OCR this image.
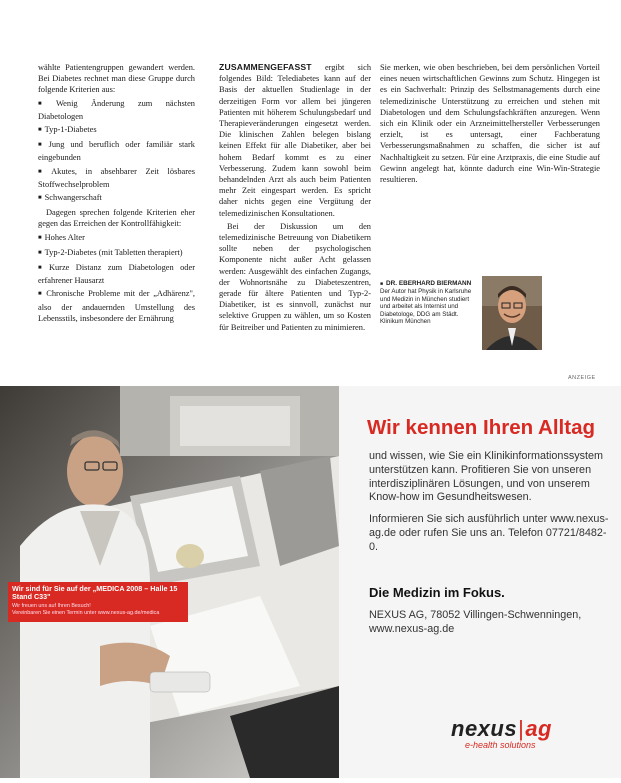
wählte Patientengruppen gewandert werden. Bei Diabetes rechnet man diese Gruppe durch folgende Kriterien aus:

■ Wenig Änderung zum nächsten Diabetologen

■ Typ-1-Diabetes

■ Jung und beruflich oder familiär stark eingebunden

■ Akutes, in absehbarer Zeit lösbares Stoffwechselproblem

■ Schwangerschaft

Dagegen sprechen folgende Kriterien eher gegen das Erreichen der Kontrollfähigkeit:

■ Hohes Alter

■ Typ-2-Diabetes (mit Tabletten therapiert)

■ Kurze Distanz zum Diabetologen oder erfahrener Hausarzt

■ Chronische Probleme mit der „Adhärenz", also der andauernden Umstellung des Lebensstils, insbesondere der Ernährung

ZUSAMMENGEFASST ergibt sich folgendes Bild: Telediabetes kann auf der Basis der aktuellen Studienlage in der derzeitigen Form vor allem bei jüngeren Patienten mit höherem Schulungsbedarf und Therapieveränderungen eingesetzt werden. Die klinischen Zahlen belegen bislang keinen Effekt für alle Diabetiker, aber bei hohem Bedarf kommt es zu einer Verbesserung. Zudem kann sowohl beim behandelnden Arzt als auch beim Patienten mehr Zeit eingespart werden. Es spricht daher nichts gegen eine Vergütung der telemedizinischen Konsultationen.

Bei der Diskussion um den telemedizinische Betreuung von Diabetikern sollte neben der psychologischen Komponente nicht außer Acht gelassen werden: Ausgewählt des einfachen Zugangs, der Wohnortsnähe zu Diabeteszentren, gerade für ältere Patienten und Typ-2-Diabetiker, ist es sinnvoll, zunächst nur selektive Gruppen zu wählen, um so Kosten für Beitreiber und Patienten zu minimieren.

Sie merken, wie oben beschrieben, bei dem persönlichen Vorteil eines neuen wirtschaftlichen Gewinns zum Schutz. Hingegen ist es ein Sachverhalt: Prinzip des Selbstmanagements durch eine telemedizinische Unterstützung zu erreichen und stehen mit Diabetologen und dem Schulungsfachkräften anzuregen. Wenn sich ein Klinik oder ein Arzneimittelhersteller Verbesserungen erzielt, ist es untersagt, einer Fachberatung Verbesserungsmaßnahmen zu schaffen, die sicher ist auf Nachhaltigkeit zu setzen. Für eine Arztpraxis, die eine Studie auf Gewinn angelegt hat, könnte dadurch eine Win-Win-Strategie resultieren.

■ DR. EBERHARD BIERMANN
Der Autor hat Physik in Karlsruhe und Medizin in München studiert und arbeitet als Internist und Diabetologe, DDG am Städt. Klinikum München
ANZEIGE
Wir sind für Sie auf der „MEDICA 2008 – Halle 15 Stand C33"
Wir freuen uns auf Ihren Besuch!
Vereinbaren Sie einen Termin unter www.nexus-ag.de/medica
Wir kennen Ihren Alltag

und wissen, wie Sie ein Klinikinformationssystem unterstützen kann. Profitieren Sie von unseren interdisziplinären Lösungen, und von unserem Know-how im Gesundheitswesen.

Informieren Sie sich ausführlich unter www.nexus-ag.de oder rufen Sie uns an. Telefon 07721/8482-0.

Die Medizin im Fokus.
NEXUS AG, 78052 Villingen-Schwenningen,
www.nexus-ag.de
nexus|ag
e-health solutions
